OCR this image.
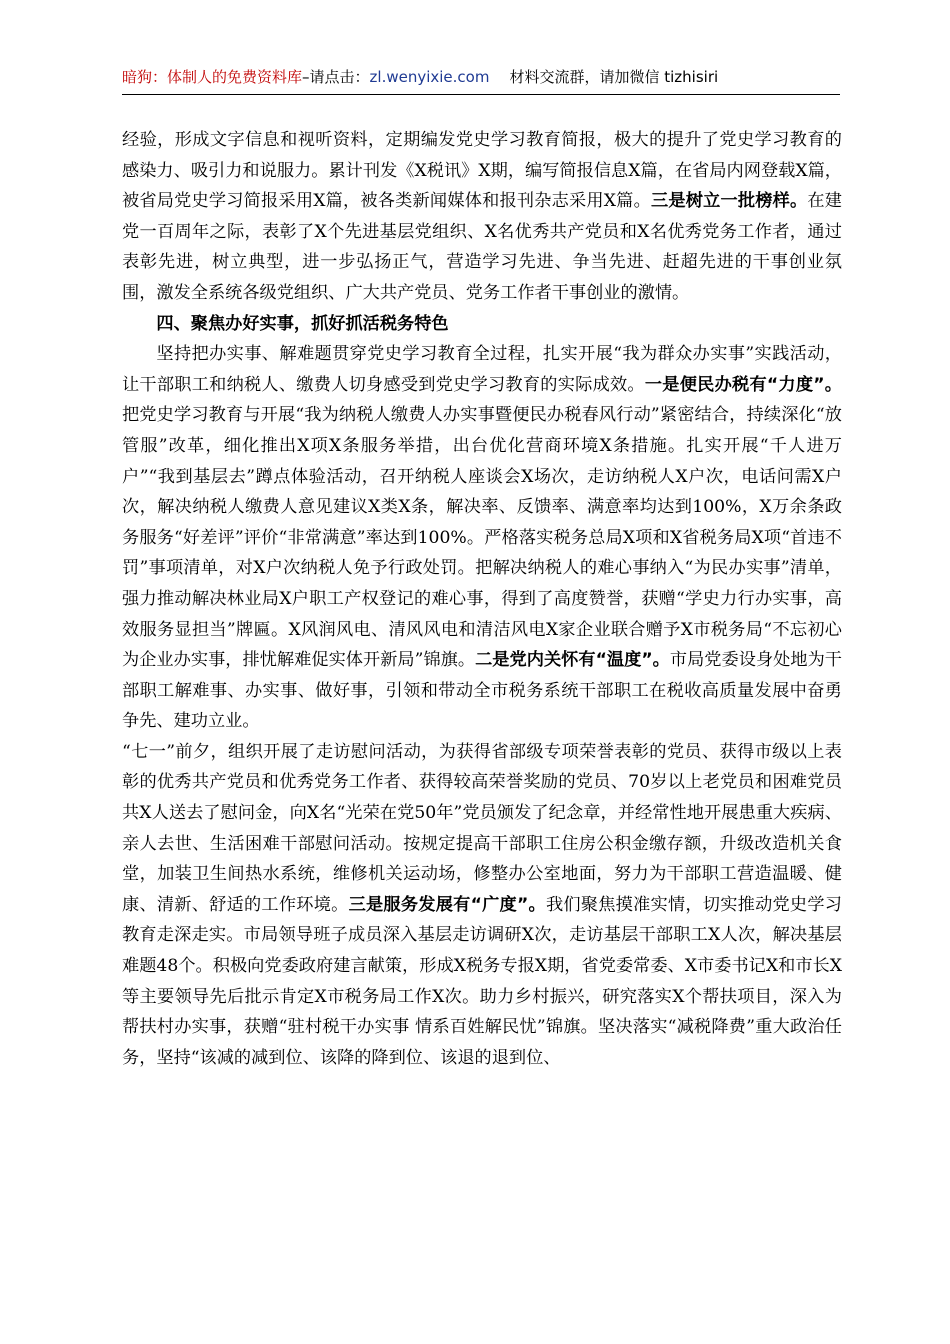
暗狗：体制人的免费资料库–请点击：zl.wenyixie.com 材料交流群，请加微信 tizhisiri

经验，形成文字信息和视听资料，定期编发党史学习教育简报，极大的提升了党史学习教育的感染力、吸引力和说服力。累计刊发《X税讯》X期，编写简报信息X篇，在省局内网登载X篇，被省局党史学习简报采用X篇，被各类新闻媒体和报刊杂志采用X篇。三是树立一批榜样。在建党一百周年之际，表彰了X个先进基层党组织、X名优秀共产党员和X名优秀党务工作者，通过表彰先进，树立典型，进一步弘扬正气，营造学习先进、争当先进、赶超先进的干事创业氛围，激发全系统各级党组织、广大共产党员、党务工作者干事创业的激情。

四、聚焦办好实事，抓好抓活税务特色

坚持把办实事、解难题贯穿党史学习教育全过程，扎实开展“我为群众办实事”实践活动，让干部职工和纳税人、缴费人切身感受到党史学习教育的实际成效。一是便民办税有“力度”。把党史学习教育与开展“我为纳税人缴费人办实事暨便民办税春风行动”紧密结合，持续深化“放管服”改革，细化推出X项X条服务举措，出台优化营商环境X条措施。扎实开展“千人进万户”“我到基层去”蹲点体验活动，召开纳税人座谈会X场次，走访纳税人X户次，电话问需X户次，解决纳税人缴费人意见建议X类X条，解决率、反馈率、满意率均达到100%，X万余条政务服务“好差评”评价“非常满意”率达到100%。严格落实税务总局X项和X省税务局X项“首违不罚”事项清单，对X户次纳税人免予行政处罚。把解决纳税人的难心事纳入“为民办实事”清单，强力推动解决林业局X户职工产权登记的难心事，得到了高度赞誉，获赠“学史力行办实事，高效服务显担当”牌匾。X风润风电、清风风电和清洁风电X家企业联合赠予X市税务局“不忘初心为企业办实事，排忧解难促实体开新局”锦旗。二是党内关怀有“温度”。市局党委设身处地为干部职工解难事、办实事、做好事，引领和带动全市税务系统干部职工在税收高质量发展中奋勇争先、建功立业。

“七一”前夕，组织开展了走访慰问活动，为获得省部级专项荣誉表彰的党员、获得市级以上表彰的优秀共产党员和优秀党务工作者、获得较高荣誉奖励的党员、70岁以上老党员和困难党员共X人送去了慰问金，向X名“光荣在党50年”党员颁发了纪念章，并经常性地开展患重大疾病、亲人去世、生活困难干部慰问活动。按规定提高干部职工住房公积金缴存额，升级改造机关食堂，加装卫生间热水系统，维修机关运动场，修整办公室地面，努力为干部职工营造温暖、健康、清新、舒适的工作环境。三是服务发展有“广度”。我们聚焦摸准实情，切实推动党史学习教育走深走实。市局领导班子成员深入基层走访调研X次，走访基层干部职工X人次，解决基层难题48个。积极向党委政府建言献策，形成X税务专报X期，省党委常委、X市委书记X和市长X等主要领导先后批示肯定X市税务局工作X次。助力乡村振兴，研究落实X个帮扶项目，深入为帮扶村办实事，获赠“驻村税干办实事 情系百姓解民忧”锦旗。坚决落实“减税降费”重大政治任务，坚持“该减的减到位、该降的降到位、该退的退到位、
